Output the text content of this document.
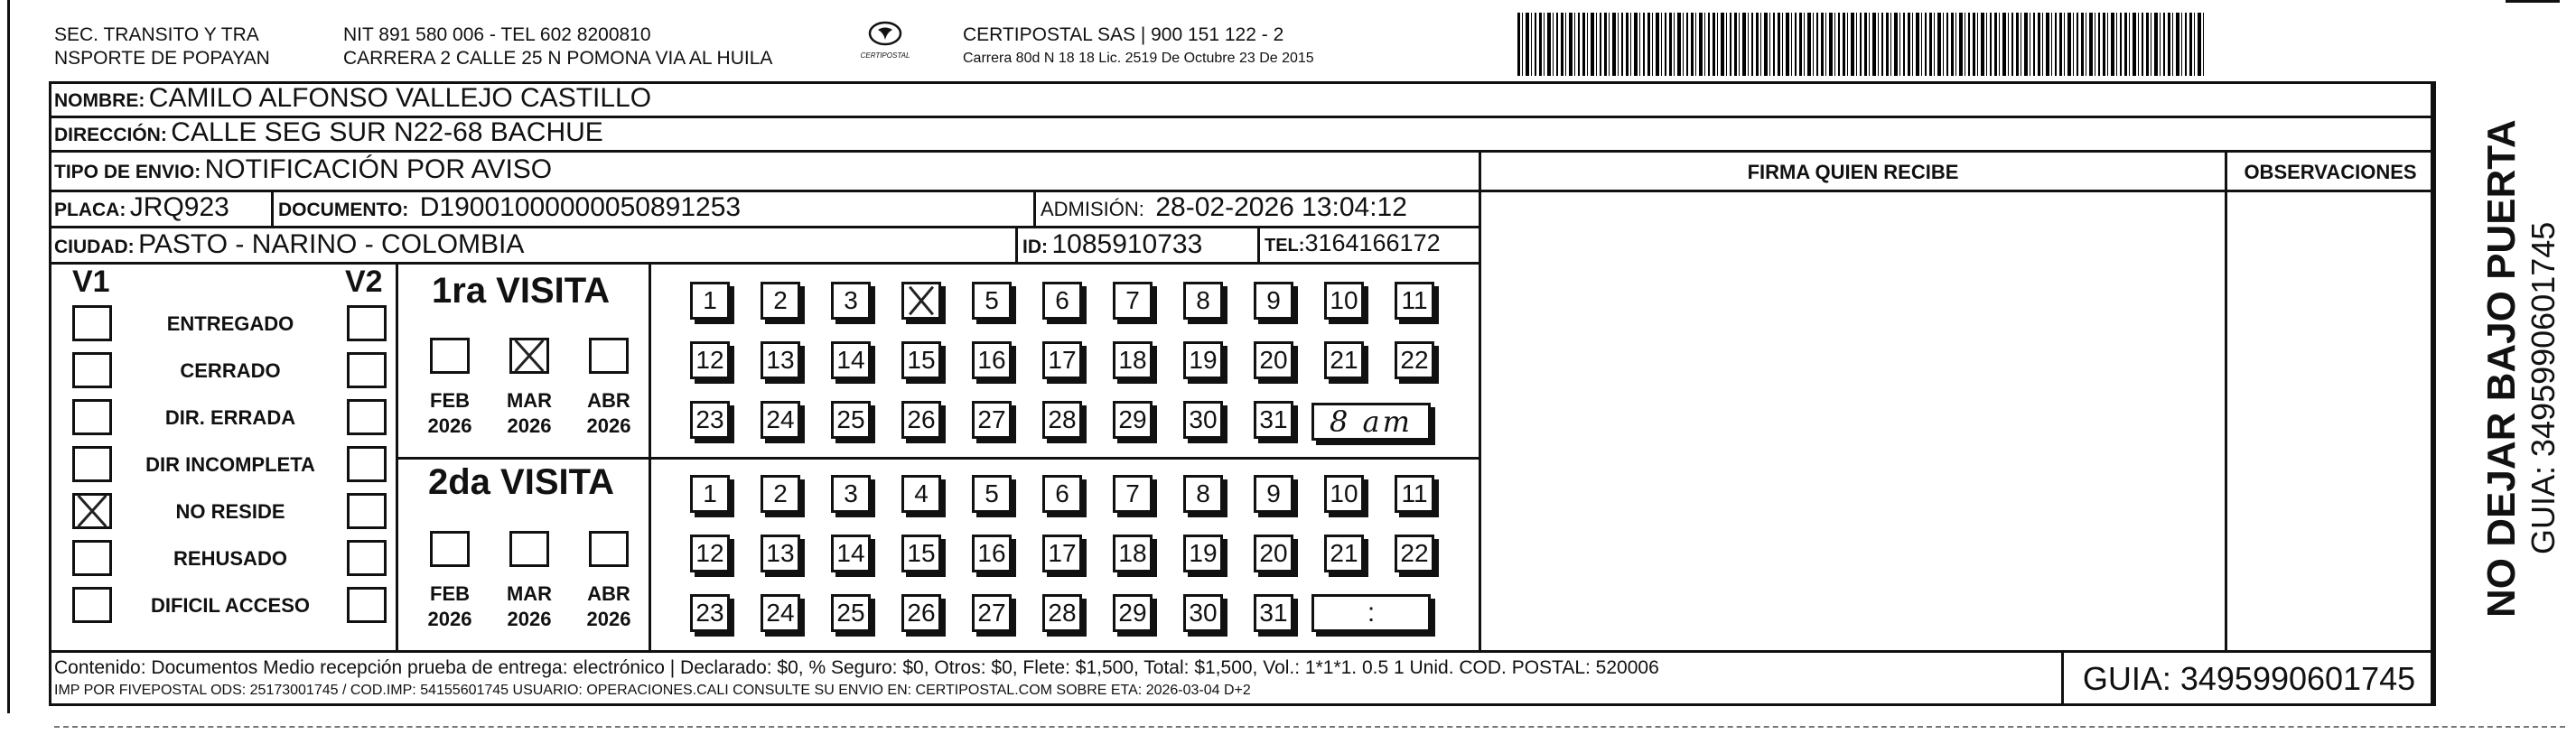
SEC. TRANSITO Y TRA
NSPORTE DE POPAYAN
NIT 891 580 006 - TEL 602 8200810
CARRERA 2 CALLE 25 N POMONA VIA AL HUILA	CERTIPOSTAL
CERTIPOSTAL SAS | 900 151 122 - 2
Carrera 80d N 18 18 Lic. 2519 De Octubre 23 De 2015
NOMBRE: CAMILO ALFONSO VALLEJO CASTILLO
DIRECCIÓN: CALLE SEG SUR N22-68 BACHUE
TIPO DE ENVIO: NOTIFICACIÓN POR AVISO	FIRMA QUIEN RECIBE	OBSERVACIONES
PLACA: JRQ923	DOCUMENTO: D19001000000050891253	ADMISIÓN: 28-02-2026 13:04:12
CIUDAD: PASTO - NARINO - COLOMBIA	ID: 1085910733	TEL:3164166172
V1	V2
ENTREGADO
CERRADO
DIR. ERRADA
DIR INCOMPLETA
NO RESIDE
REHUSADO
DIFICIL ACCESO
1ra VISITA
FEB
2026
MAR
2026
ABR
2026
1	2	3	5	6	7	8	9	10 11
12 13 14 15 16 17 18 19 20 21 22
23 24 25 26 27 28 29 30 31	8 am
2da VISITA
FEB
2026
MAR
2026
ABR
2026
1	2	3	4	5	6	7	8	9	10 11
12 13 14 15 16 17 18 19 20 21 22
23 24 25 26 27 28 29 30 31	:
Contenido: Documentos Medio recepción prueba de entrega: electrónico | Declarado: $0, % Seguro: $0, Otros: $0, Flete: $1,500, Total: $1,500, Vol.: 1*1*1. 0.5 1 Unid. COD. POSTAL: 520006
IMP POR FIVEPOSTAL ODS: 25173001745 / COD.IMP: 54155601745 USUARIO: OPERACIONES.CALI CONSULTE SU ENVIO EN: CERTIPOSTAL.COM SOBRE ETA: 2026-03-04 D+2	GUIA: 3495990601745
NO DEJAR BAJO PUERTA GUIA: 3495990601745
